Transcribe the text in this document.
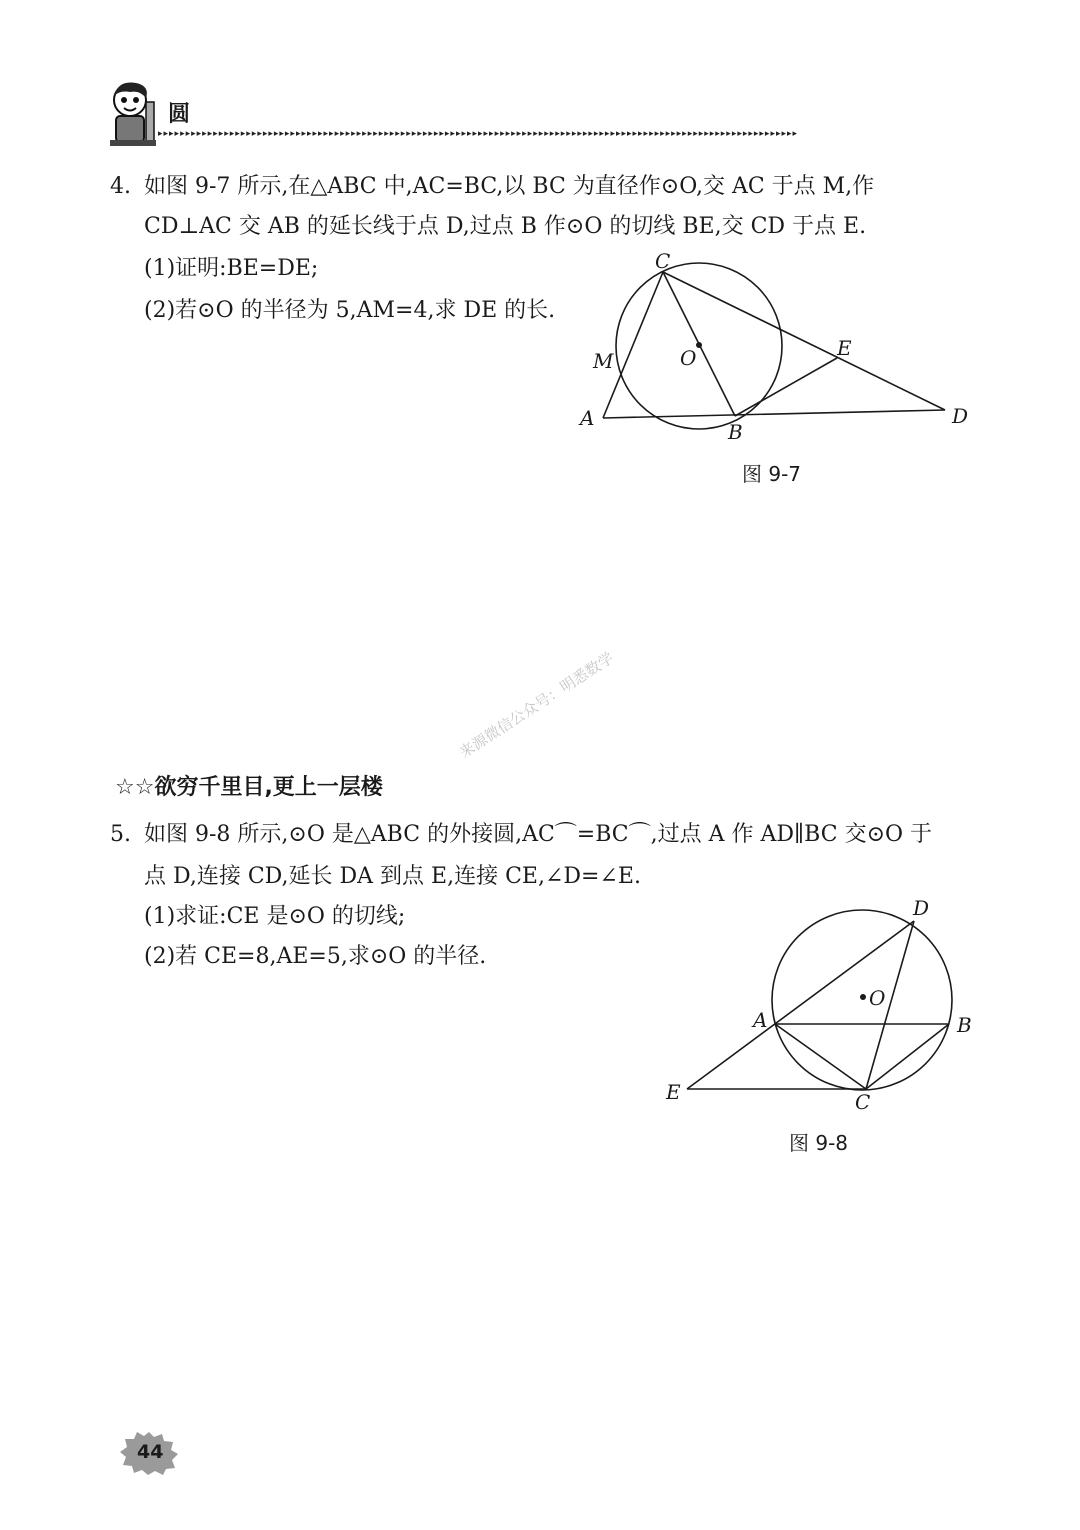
圆
▸▸▸▸▸▸▸▸▸▸▸▸▸▸▸▸▸▸▸▸▸▸▸▸▸▸▸▸▸▸▸▸▸▸▸▸▸▸▸▸▸▸▸▸▸▸▸▸▸▸▸▸▸▸▸▸▸▸▸▸▸▸▸▸▸▸▸▸▸▸▸▸▸▸▸▸▸▸▸▸▸▸▸▸▸▸▸▸▸▸▸▸▸▸▸▸▸▸▸▸▸▸▸▸▸▸▸▸▸▸▸▸▸▸▸▸
4. 如图 9-7 所示,在△ABC 中,AC=BC,以 BC 为直径作⊙O,交 AC 于点 M,作
CD⊥AC 交 AB 的延长线于点 D,过点 B 作⊙O 的切线 BE,交 CD 于点 E.
(1)证明:BE=DE;
(2)若⊙O 的半径为 5,AM=4,求 DE 的长.
C
M	O	E
A
B
D
图 9-7
来源微信公众号：明悉数学
☆☆欲穷千里目,更上一层楼
5. 如图 9-8 所示,⊙O 是△ABC 的外接圆,AC⌒=BC⌒,过点 A 作 AD∥BC 交⊙O 于
点 D,连接 CD,延长 DA 到点 E,连接 CE,∠D=∠E.
(1)求证:CE 是⊙O 的切线;
(2)若 CE=8,AE=5,求⊙O 的半径.
D
O
A	B
E	C
图 9-8
44
